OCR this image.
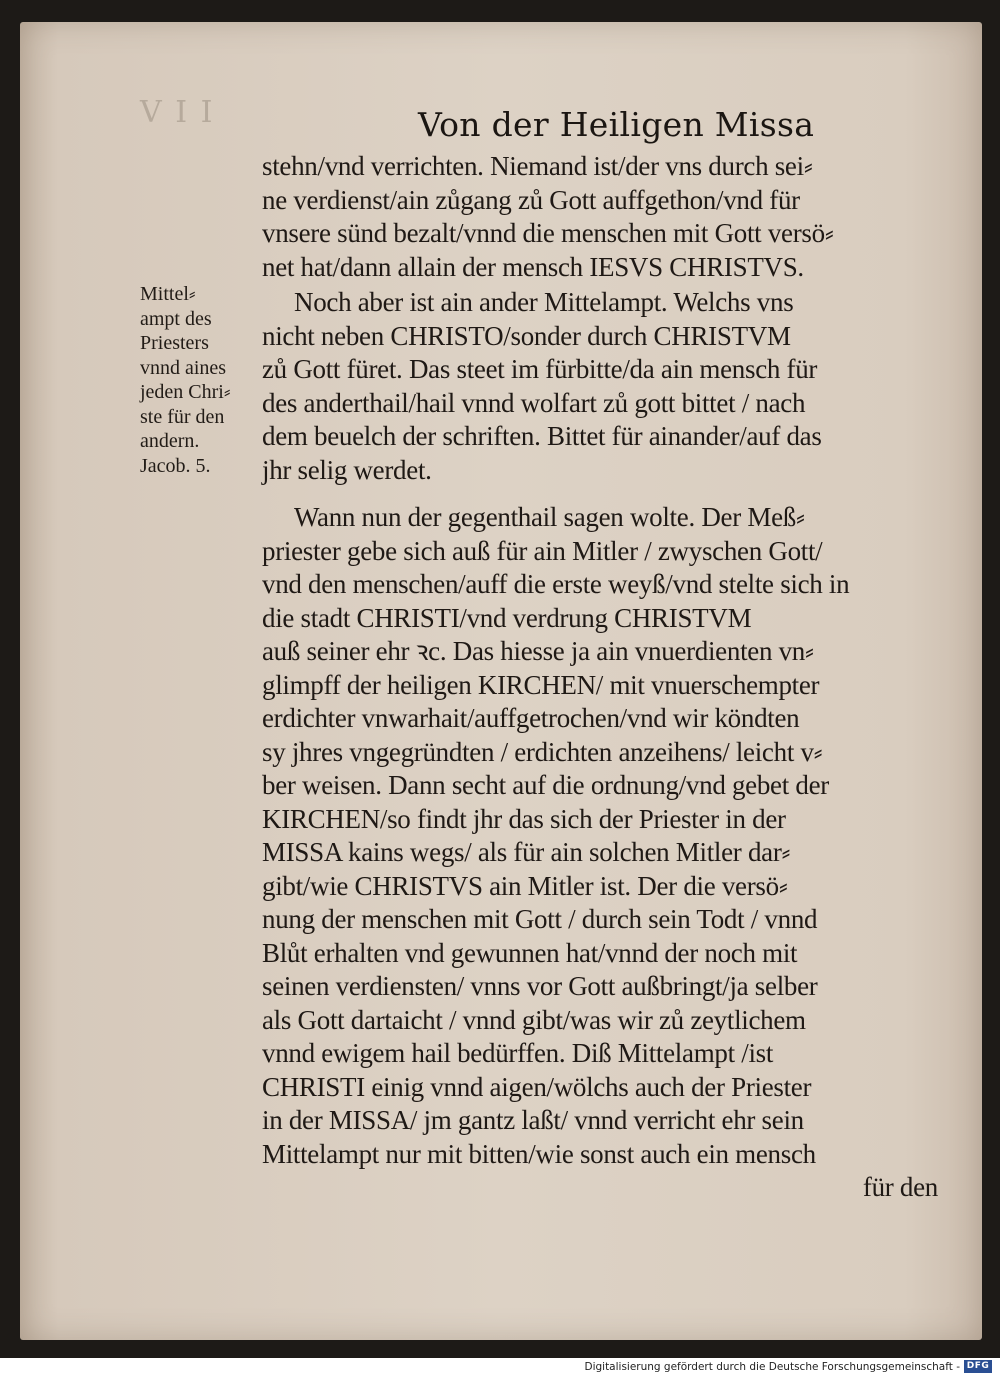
V I I	Von der Heiligen Missa
Mittel⸗
ampt des
Priesters
vnnd aines
jeden Chri⸗
ste für den
andern.
Jacob. 5.
stehn/vnd verrichten. Niemand ist/der vns durch sei⸗
ne verdienst/ain zůgang zů Gott auffgethon/vnd für
vnsere sünd bezalt/vnnd die menschen mit Gott versö⸗
net hat/dann allain der mensch IESVS CHRISTVS.
Noch aber ist ain ander Mittelampt. Welchs vns
nicht neben CHRISTO/sonder durch CHRISTVM
zů Gott füret. Das steet im fürbitte/da ain mensch für
des anderthail/hail vnnd wolfart zů gott bittet / nach
dem beuelch der schriften. Bittet für ainander/auf das
jhr selig werdet.
Wann nun der gegenthail sagen wolte. Der Meß⸗
priester gebe sich auß für ain Mitler / zwyschen Gott/
vnd den menschen/auff die erste weyß/vnd stelte sich in
die stadt CHRISTI/vnd verdrung CHRISTVM
auß seiner ehr ꝛc. Das hiesse ja ain vnuerdienten vn⸗
glimpff der heiligen KIRCHEN/ mit vnuerschempter
erdichter vnwarhait/auffgetrochen/vnd wir köndten
sy jhres vngegründten / erdichten anzeihens/ leicht v⸗
ber weisen. Dann secht auf die ordnung/vnd gebet der
KIRCHEN/so findt jhr das sich der Priester in der
MISSA kains wegs/ als für ain solchen Mitler dar⸗
gibt/wie CHRISTVS ain Mitler ist. Der die versö⸗
nung der menschen mit Gott / durch sein Todt / vnnd
Blůt erhalten vnd gewunnen hat/vnnd der noch mit
seinen verdiensten/ vnns vor Gott außbringt/ja selber
als Gott dartaicht / vnnd gibt/was wir zů zeytlichem
vnnd ewigem hail bedürffen. Diß Mittelampt /ist
CHRISTI einig vnnd aigen/wölchs auch der Priester
in der MISSA/ jm gantz laßt/ vnnd verricht ehr sein
Mittelampt nur mit bitten/wie sonst auch ein mensch
für den
Digitalisierung gefördert durch die Deutsche Forschungsgemeinschaft - DFG
